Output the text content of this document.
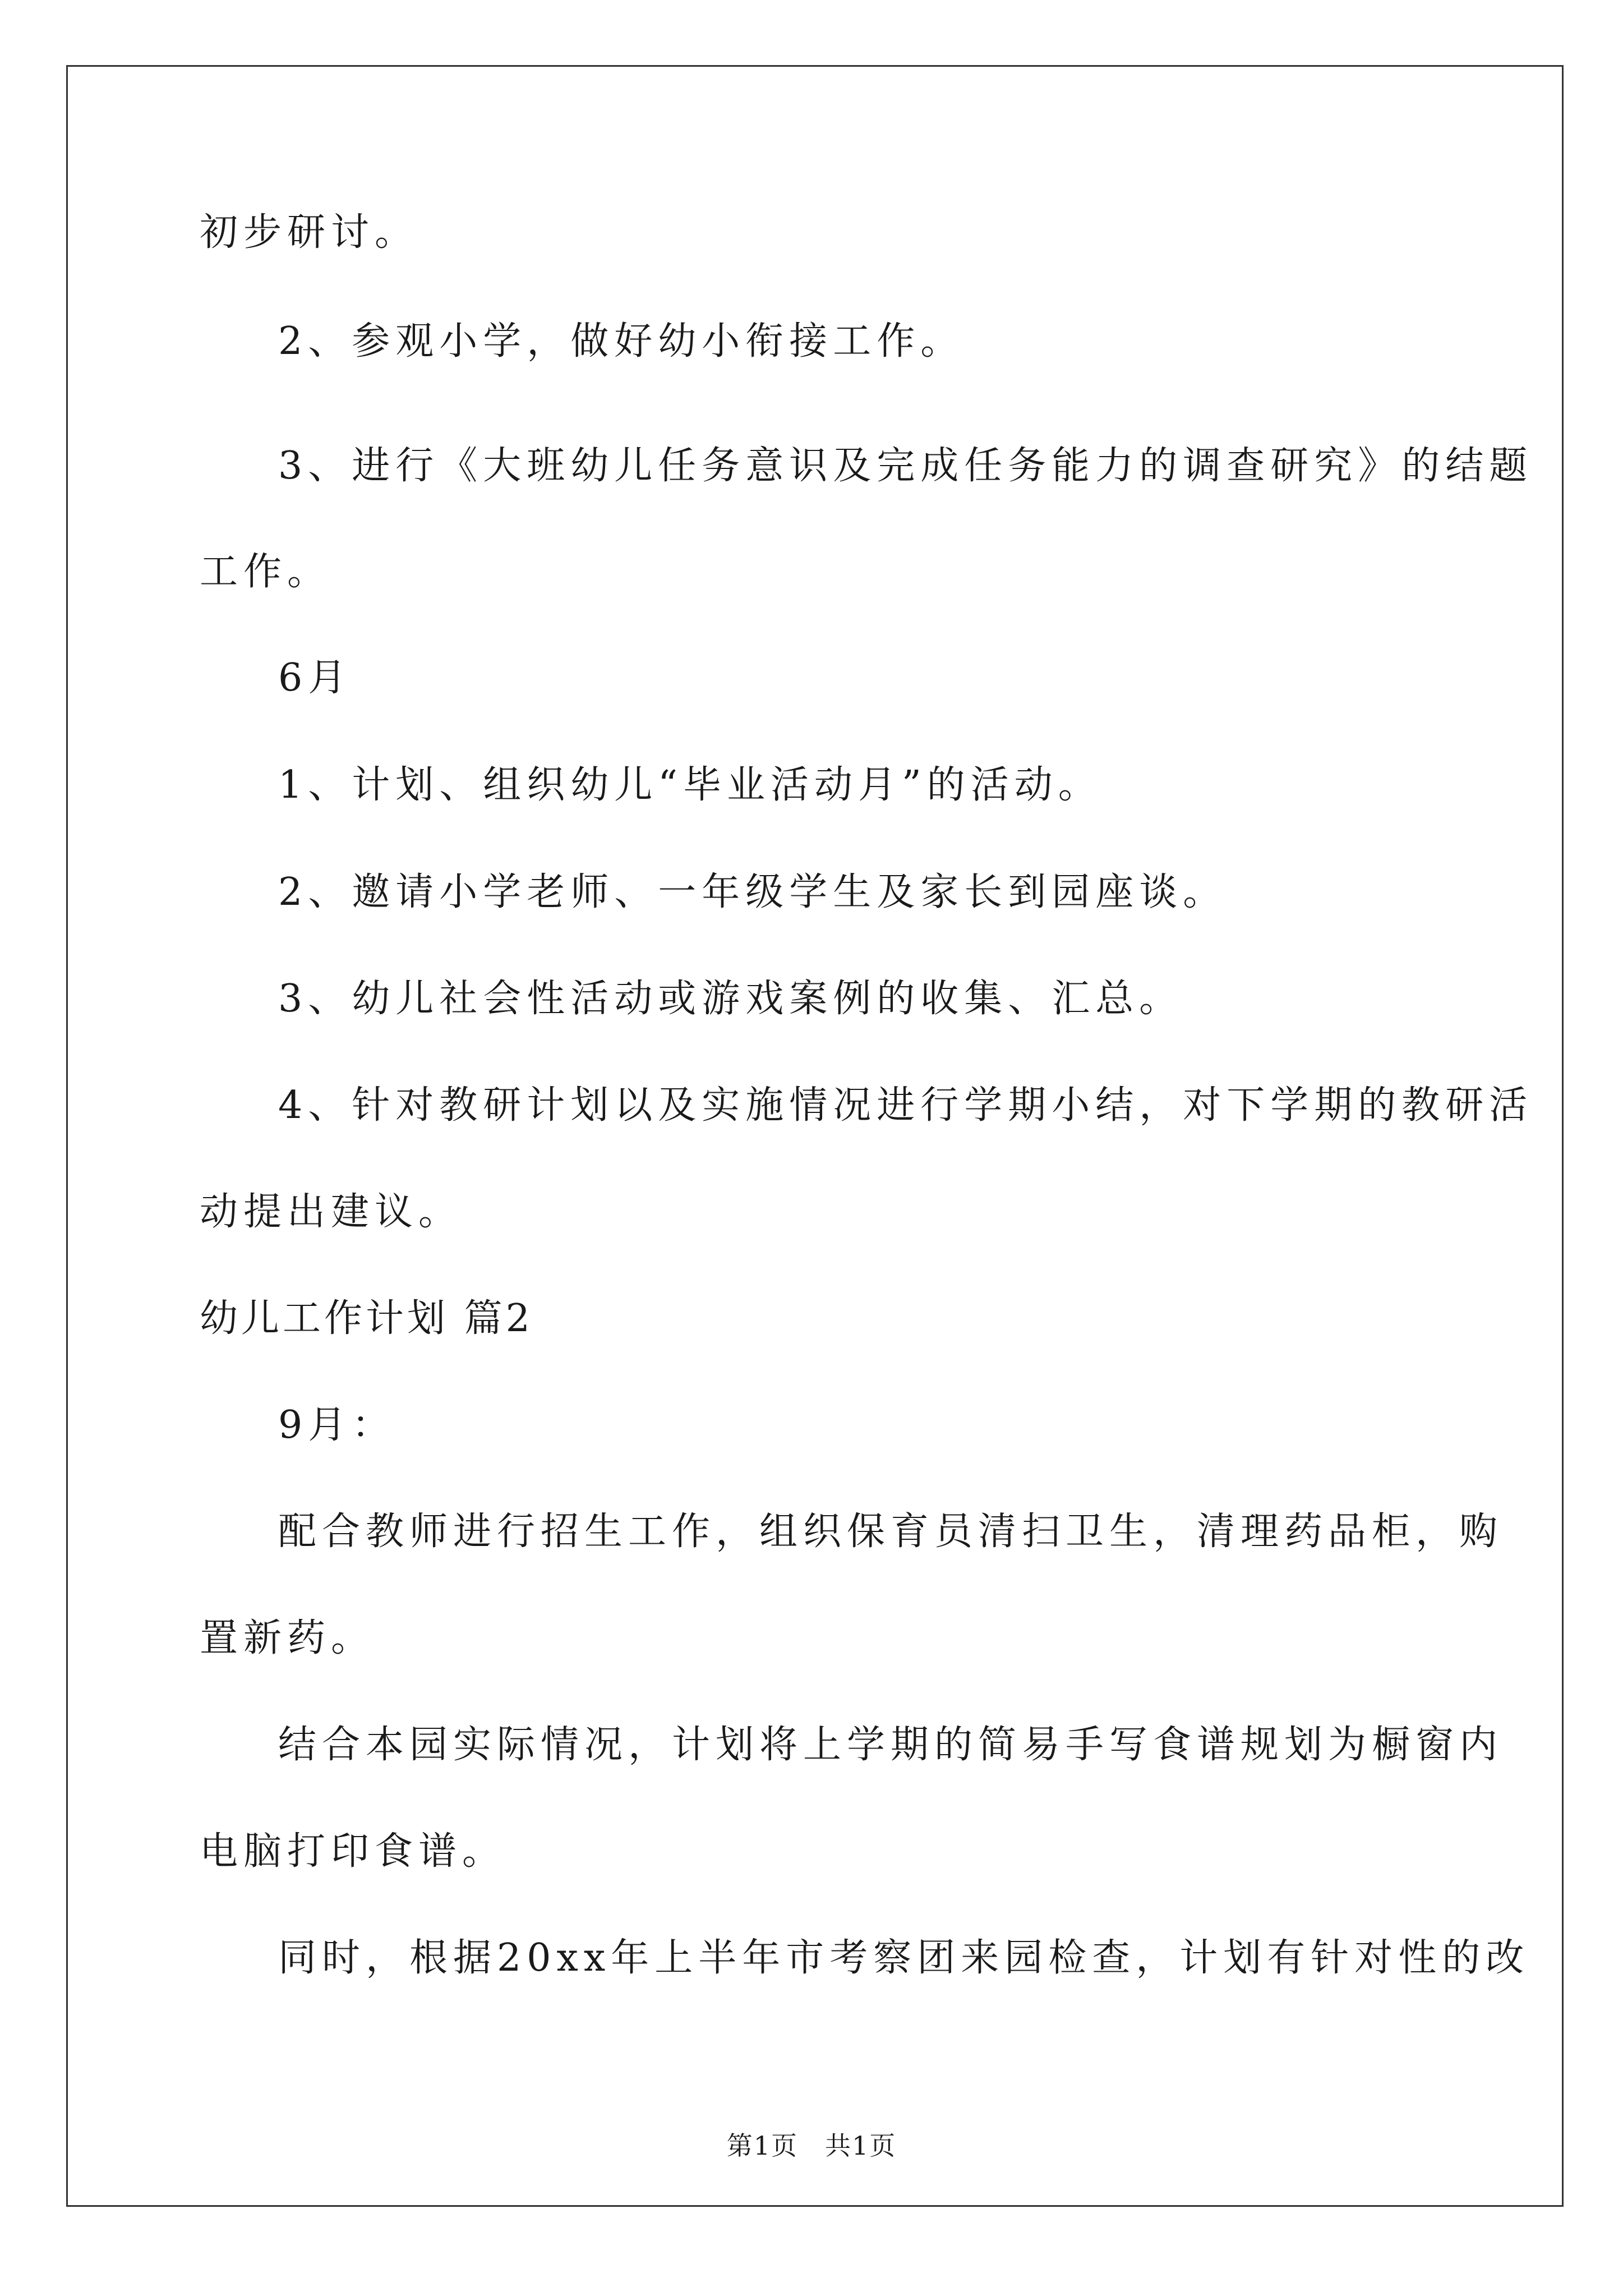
初步研讨。
2、参观小学，做好幼小衔接工作。
3、进行《大班幼儿任务意识及完成任务能力的调查研究》的结题
工作。
6月
1、计划、组织幼儿“毕业活动月”的活动。
2、邀请小学老师、一年级学生及家长到园座谈。
3、幼儿社会性活动或游戏案例的收集、汇总。
4、针对教研计划以及实施情况进行学期小结，对下学期的教研活
动提出建议。
幼儿工作计划 篇2
9月：
配合教师进行招生工作，组织保育员清扫卫生，清理药品柜，购
置新药。
结合本园实际情况，计划将上学期的简易手写食谱规划为橱窗内
电脑打印食谱。
同时，根据20xx年上半年市考察团来园检查，计划有针对性的改
第1页　共1页
